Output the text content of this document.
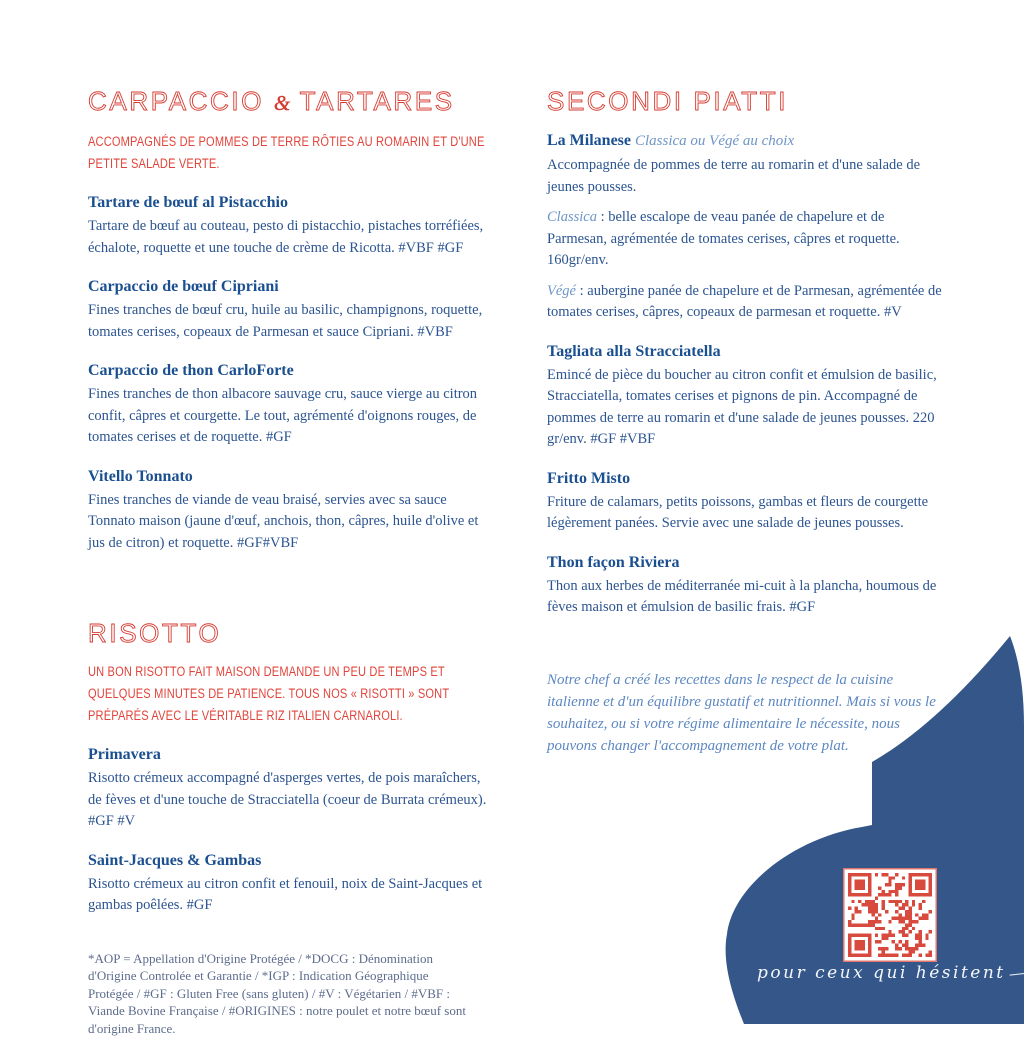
CARPACCIO & TARTARES

ACCOMPAGNÉS DE POMMES DE TERRE RÔTIES AU ROMARIN ET D'UNE PETITE SALADE VERTE.

Tartare de bœuf al Pistacchio

Tartare de bœuf au couteau, pesto di pistacchio, pistaches torréfiées, échalote, roquette et une touche de crème de Ricotta. #VBF #GF

Carpaccio de bœuf Cipriani

Fines tranches de bœuf cru, huile au basilic, champignons, roquette, tomates cerises, copeaux de Parmesan et sauce Cipriani. #VBF

Carpaccio de thon CarloForte

Fines tranches de thon albacore sauvage cru, sauce vierge au citron confit, câpres et courgette. Le tout, agrémenté d'oignons rouges, de tomates cerises et de roquette. #GF

Vitello Tonnato

Fines tranches de viande de veau braisé, servies avec sa sauce Tonnato maison (jaune d'œuf, anchois, thon, câpres, huile d'olive et jus de citron) et roquette. #GF#VBF

RISOTTO

UN BON RISOTTO FAIT MAISON DEMANDE UN PEU DE TEMPS ET QUELQUES MINUTES DE PATIENCE. TOUS NOS « RISOTTI » SONT PRÉPARÉS AVEC LE VÉRITABLE RIZ ITALIEN CARNAROLI.

Primavera

Risotto crémeux accompagné d'asperges vertes, de pois maraîchers, de fèves et d'une touche de Stracciatella (coeur de Burrata crémeux). #GF #V

Saint-Jacques & Gambas

Risotto crémeux au citron confit et fenouil, noix de Saint-Jacques et gambas poêlées. #GF

*AOP = Appellation d'Origine Protégée / *DOCG : Dénomination d'Origine Controlée et Garantie / *IGP : Indication Géographique Protégée / #GF : Gluten Free (sans gluten) / #V : Végétarien / #VBF : Viande Bovine Française / #ORIGINES : notre poulet et notre bœuf sont d'origine France.

SECONDI PIATTI
La Milanese Classica ou Végé au choix

Accompagnée de pommes de terre au romarin et d'une salade de jeunes pousses.

Classica : belle escalope de veau panée de chapelure et de Parmesan, agrémentée de tomates cerises, câpres et roquette. 160gr/env.

Végé : aubergine panée de chapelure et de Parmesan, agrémentée de tomates cerises, câpres, copeaux de parmesan et roquette. #V

Tagliata alla Stracciatella

Emincé de pièce du boucher au citron confit et émulsion de basilic, Stracciatella, tomates cerises et pignons de pin. Accompagné de pommes de terre au romarin et d'une salade de jeunes pousses. 220 gr/env. #GF #VBF

Fritto Misto

Friture de calamars, petits poissons, gambas et fleurs de courgette légèrement panées. Servie avec une salade de jeunes pousses.

Thon façon Riviera

Thon aux herbes de méditerranée mi-cuit à la plancha, houmous de fèves maison et émulsion de basilic frais. #GF

Notre chef a créé les recettes dans le respect de la cuisine italienne et d'un équilibre gustatif et nutritionnel. Mais si vous le souhaitez, ou si votre régime alimentaire le nécessite, nous pouvons changer l'accompagnement de votre plat.

pour ceux qui hésitent
